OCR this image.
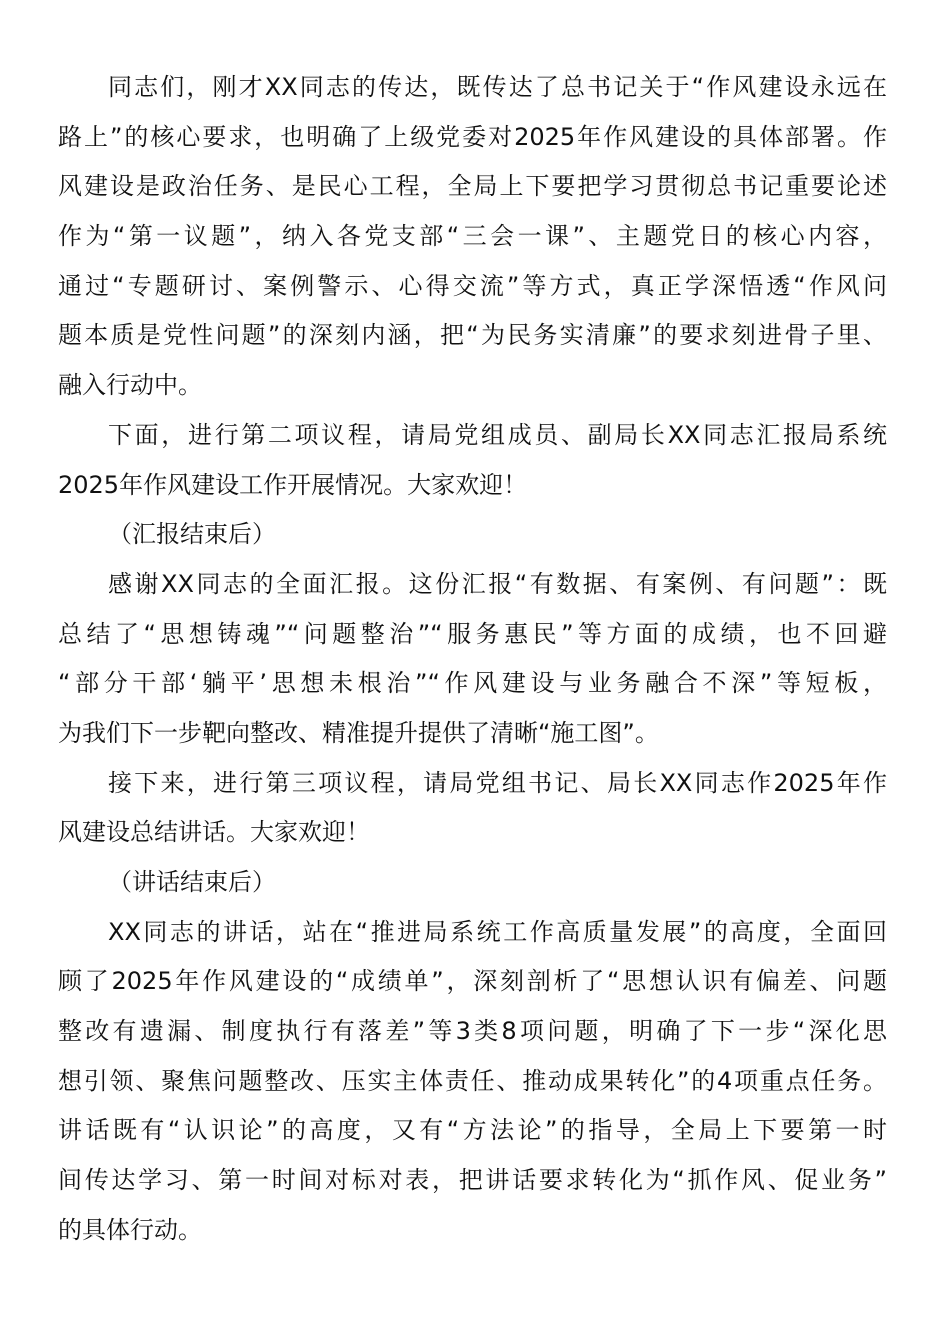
同志们，刚才XX同志的传达，既传达了总书记关于“作风建设永远在
路上”的核心要求，也明确了上级党委对2025年作风建设的具体部署。作
风建设是政治任务、是民心工程，全局上下要把学习贯彻总书记重要论述
作为“第一议题”，纳入各党支部“三会一课”、主题党日的核心内容，
通过“专题研讨、案例警示、心得交流”等方式，真正学深悟透“作风问
题本质是党性问题”的深刻内涵，把“为民务实清廉”的要求刻进骨子里、
融入行动中。
下面，进行第二项议程，请局党组成员、副局长XX同志汇报局系统
2025年作风建设工作开展情况。大家欢迎！
（汇报结束后）
感谢XX同志的全面汇报。这份汇报“有数据、有案例、有问题”：既
总结了“思想铸魂”“问题整治”“服务惠民”等方面的成绩，也不回避
“部分干部‘躺平’思想未根治”“作风建设与业务融合不深”等短板，
为我们下一步靶向整改、精准提升提供了清晰“施工图”。
接下来，进行第三项议程，请局党组书记、局长XX同志作2025年作
风建设总结讲话。大家欢迎！
（讲话结束后）
XX同志的讲话，站在“推进局系统工作高质量发展”的高度，全面回
顾了2025年作风建设的“成绩单”，深刻剖析了“思想认识有偏差、问题
整改有遗漏、制度执行有落差”等3类8项问题，明确了下一步“深化思
想引领、聚焦问题整改、压实主体责任、推动成果转化”的4项重点任务。
讲话既有“认识论”的高度，又有“方法论”的指导，全局上下要第一时
间传达学习、第一时间对标对表，把讲话要求转化为“抓作风、促业务”
的具体行动。
